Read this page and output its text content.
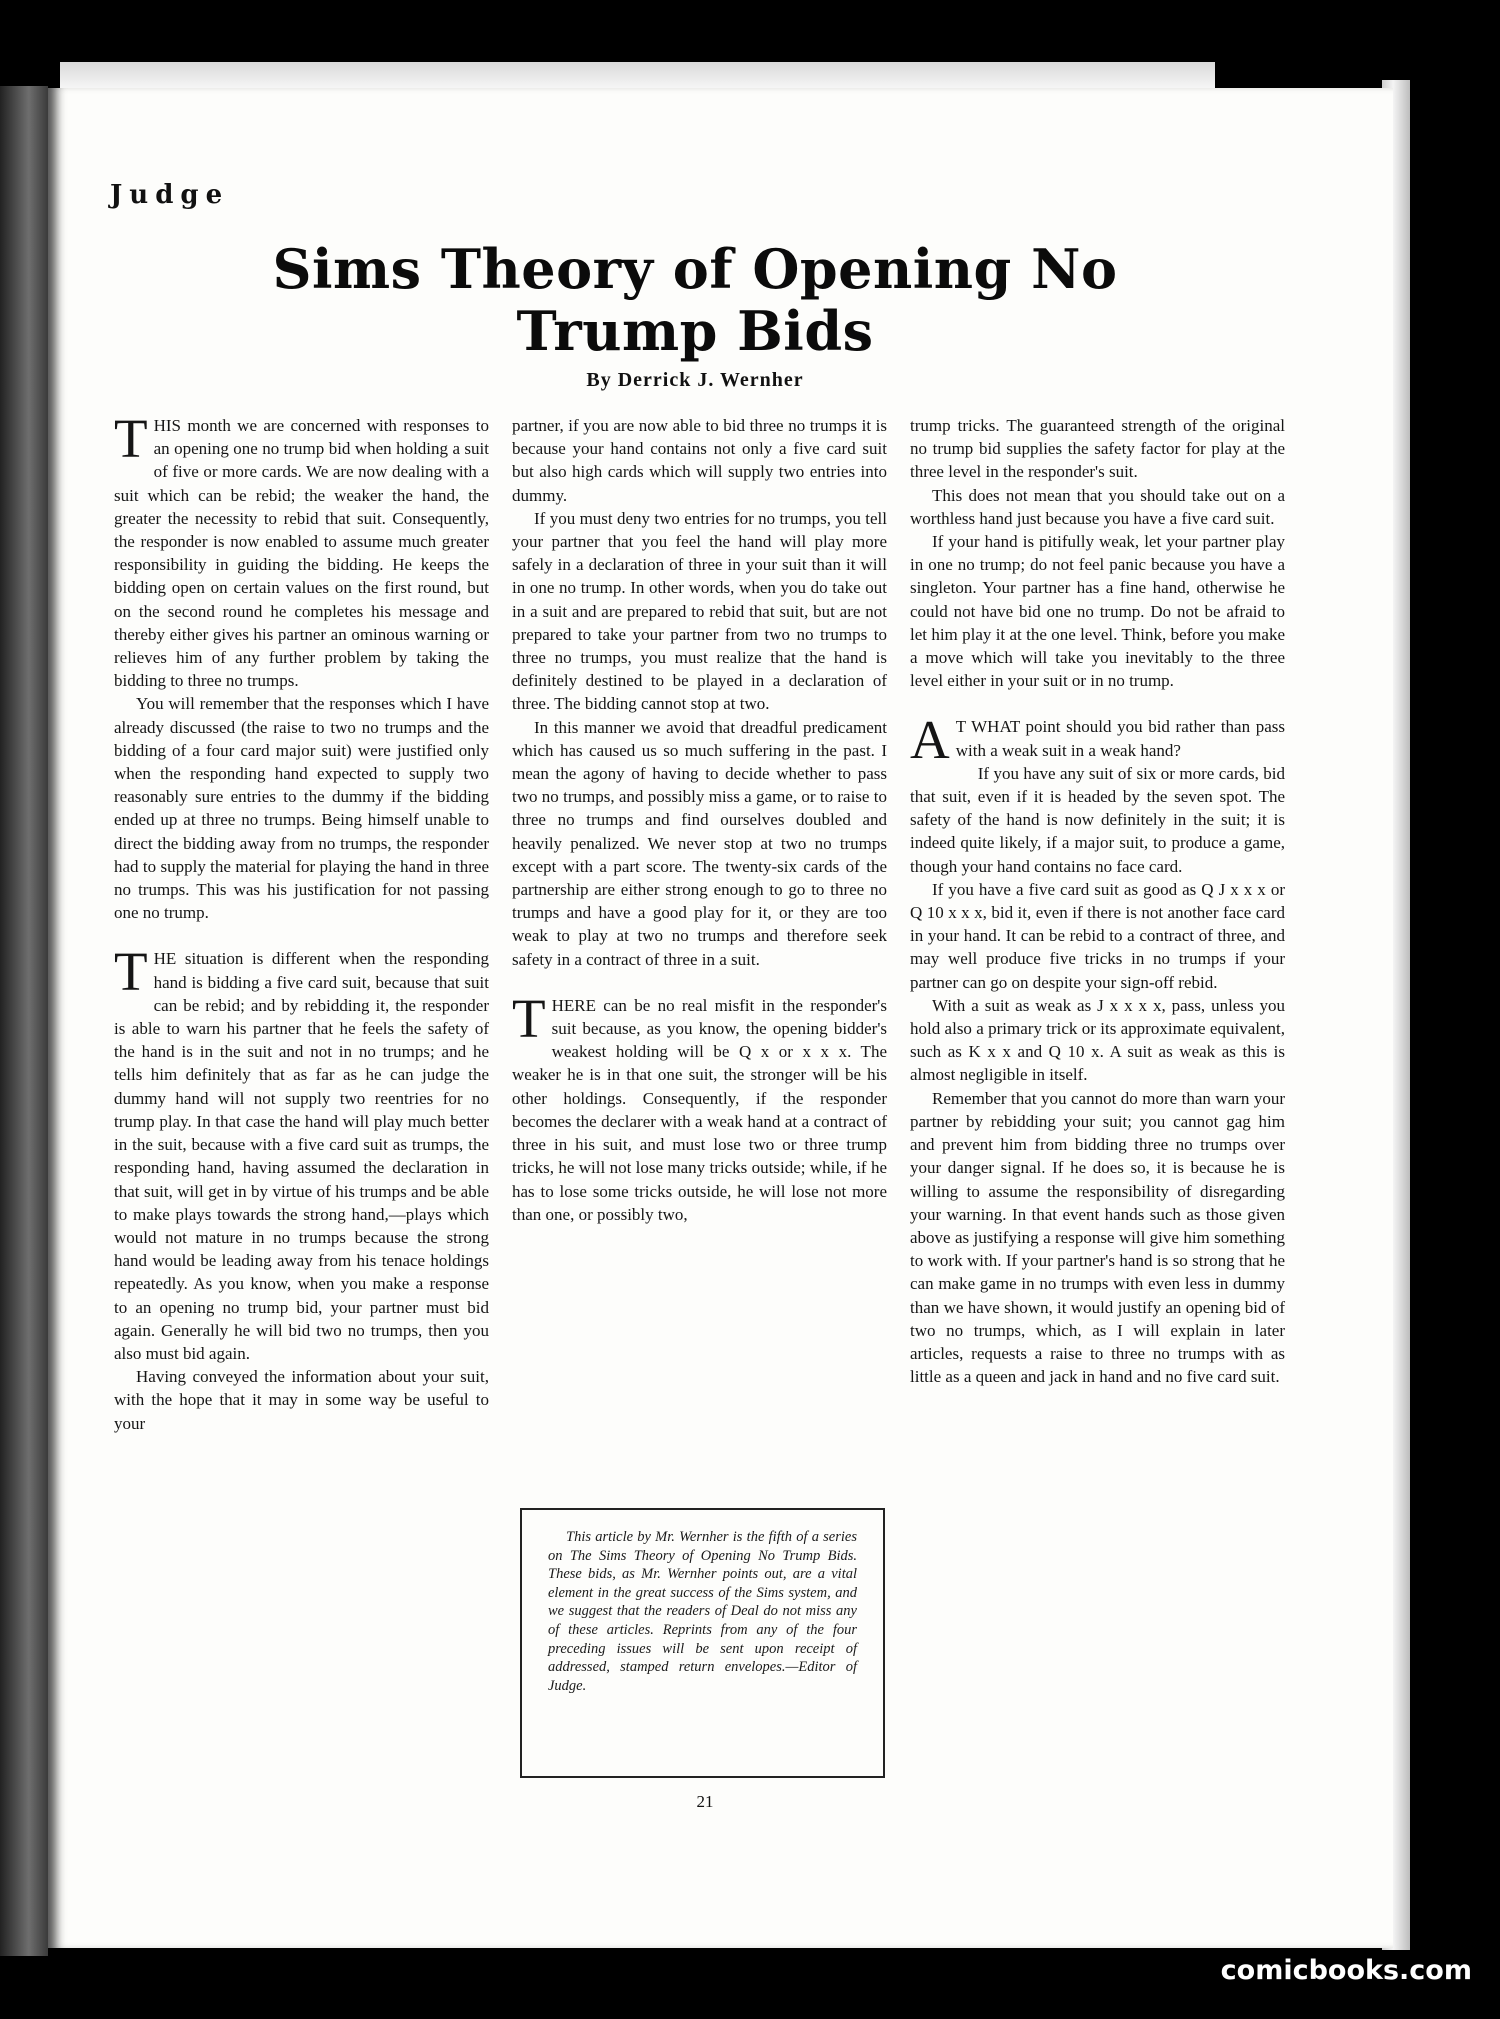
Judge
Sims Theory of Opening No
Trump Bids
By Derrick J. Wernher

THIS month we are concerned with responses to an opening one no trump bid when holding a suit of five or more cards. We are now dealing with a suit which can be rebid; the weaker the hand, the greater the necessity to rebid that suit. Consequently, the responder is now enabled to assume much greater responsibility in guiding the bidding. He keeps the bidding open on certain values on the first round, but on the second round he completes his message and thereby either gives his partner an ominous warning or relieves him of any further problem by taking the bidding to three no trumps.

You will remember that the responses which I have already discussed (the raise to two no trumps and the bidding of a four card major suit) were justified only when the responding hand expected to supply two reasonably sure entries to the dummy if the bidding ended up at three no trumps. Being himself unable to direct the bidding away from no trumps, the responder had to supply the material for playing the hand in three no trumps. This was his justification for not passing one no trump.

THE situation is different when the responding hand is bidding a five card suit, because that suit can be rebid; and by rebidding it, the responder is able to warn his partner that he feels the safety of the hand is in the suit and not in no trumps; and he tells him definitely that as far as he can judge the dummy hand will not supply two reentries for no trump play. In that case the hand will play much better in the suit, because with a five card suit as trumps, the responding hand, having assumed the declaration in that suit, will get in by virtue of his trumps and be able to make plays towards the strong hand,—plays which would not mature in no trumps because the strong hand would be leading away from his tenace holdings repeatedly. As you know, when you make a response to an opening no trump bid, your partner must bid again. Generally he will bid two no trumps, then you also must bid again.

Having conveyed the information about your suit, with the hope that it may in some way be useful to your

partner, if you are now able to bid three no trumps it is because your hand contains not only a five card suit but also high cards which will supply two entries into dummy.

If you must deny two entries for no trumps, you tell your partner that you feel the hand will play more safely in a declaration of three in your suit than it will in one no trump. In other words, when you do take out in a suit and are prepared to rebid that suit, but are not prepared to take your partner from two no trumps to three no trumps, you must realize that the hand is definitely destined to be played in a declaration of three. The bidding cannot stop at two.

In this manner we avoid that dreadful predicament which has caused us so much suffering in the past. I mean the agony of having to decide whether to pass two no trumps, and possibly miss a game, or to raise to three no trumps and find ourselves doubled and heavily penalized. We never stop at two no trumps except with a part score. The twenty-six cards of the partnership are either strong enough to go to three no trumps and have a good play for it, or they are too weak to play at two no trumps and therefore seek safety in a contract of three in a suit.

THERE can be no real misfit in the responder's suit because, as you know, the opening bidder's weakest holding will be Q x or x x x. The weaker he is in that one suit, the stronger will be his other holdings. Consequently, if the responder becomes the declarer with a weak hand at a contract of three in his suit, and must lose two or three trump tricks, he will not lose many tricks outside; while, if he has to lose some tricks outside, he will lose not more than one, or possibly two,

This article by Mr. Wernher is the fifth of a series on The Sims Theory of Opening No Trump Bids. These bids, as Mr. Wernher points out, are a vital element in the great success of the Sims system, and we suggest that the readers of Deal do not miss any of these articles. Reprints from any of the four preceding issues will be sent upon receipt of addressed, stamped return envelopes.—Editor of Judge.

trump tricks. The guaranteed strength of the original no trump bid supplies the safety factor for play at the three level in the responder's suit.

This does not mean that you should take out on a worthless hand just because you have a five card suit.

If your hand is pitifully weak, let your partner play in one no trump; do not feel panic because you have a singleton. Your partner has a fine hand, otherwise he could not have bid one no trump. Do not be afraid to let him play it at the one level. Think, before you make a move which will take you inevitably to the three level either in your suit or in no trump.

A T WHAT point should you bid rather than pass with a weak suit in a weak hand?

If you have any suit of six or more cards, bid that suit, even if it is headed by the seven spot. The safety of the hand is now definitely in the suit; it is indeed quite likely, if a major suit, to produce a game, though your hand contains no face card.

If you have a five card suit as good as Q J x x x or Q 10 x x x, bid it, even if there is not another face card in your hand. It can be rebid to a contract of three, and may well produce five tricks in no trumps if your partner can go on despite your sign-off rebid.

With a suit as weak as J x x x x, pass, unless you hold also a primary trick or its approximate equivalent, such as K x x and Q 10 x. A suit as weak as this is almost negligible in itself.

Remember that you cannot do more than warn your partner by rebidding your suit; you cannot gag him and prevent him from bidding three no trumps over your danger signal. If he does so, it is because he is willing to assume the responsibility of disregarding your warning. In that event hands such as those given above as justifying a response will give him something to work with. If your partner's hand is so strong that he can make game in no trumps with even less in dummy than we have shown, it would justify an opening bid of two no trumps, which, as I will explain in later articles, requests a raise to three no trumps with as little as a queen and jack in hand and no five card suit.

21
comicbooks.com
